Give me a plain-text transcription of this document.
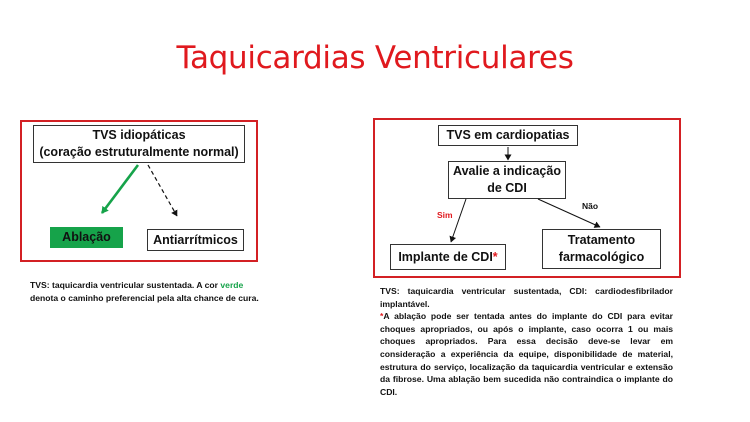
Taquicardias Ventriculares
TVS idiopáticas
(coração estruturalmente normal)
Ablação	Antiarrítmicos
TVS: taquicardia ventricular sustentada. A cor verde denota o caminho preferencial pela alta chance de cura.
TVS em cardiopatias
Avalie a indicação
de CDI
Sim
Não
Implante de CDI*
Tratamento
farmacológico
TVS: taquicardia ventricular sustentada, CDI: cardiodesfibrilador implantável.
*A ablação pode ser tentada antes do implante do CDI para evitar choques apropriados, ou após o implante, caso ocorra 1 ou mais choques apropriados. Para essa decisão deve-se levar em consideração a experiência da equipe, disponibilidade de material, estrutura do serviço, localização da taquicardia ventricular e extensão da fibrose. Uma ablação bem sucedida não contraindica o implante do CDI.
